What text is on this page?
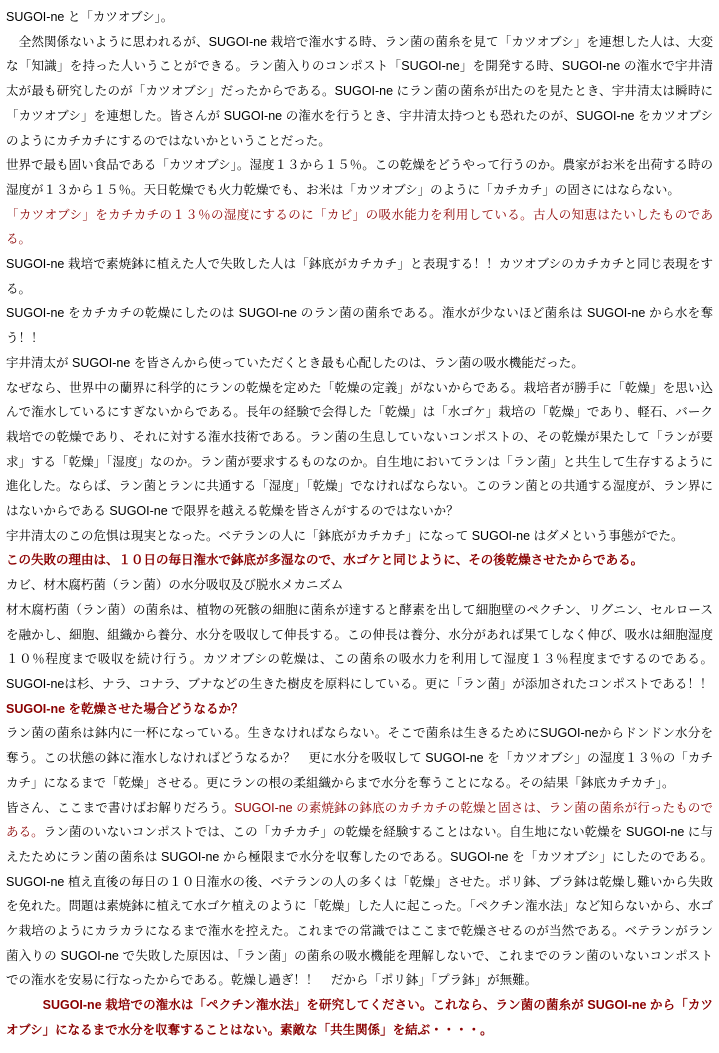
SUGOI-ne と「カツオブシ」。

　全然関係ないように思われるが、SUGOI-ne 栽培で潅水する時、ラン菌の菌糸を見て「カツオブシ」を連想した人は、大変な「知識」を持った人いうことができる。ラン菌入りのコンポスト「SUGOI-ne」を開発する時、SUGOI-ne の潅水で宇井清太が最も研究したのが「カツオブシ」だったからである。SUGOI-ne にラン菌の菌糸が出たのを見たとき、宇井清太は瞬時に「カツオブシ」を連想した。皆さんが SUGOI-ne の潅水を行うとき、宇井清太持つとも恐れたのが、SUGOI-ne をカツオブシのようにカチカチにするのではないかということだった。

世界で最も固い食品である「カツオブシ」。湿度１３から１５％。この乾燥をどうやって行うのか。農家がお米を出荷する時の湿度が１３から１５％。天日乾燥でも火力乾燥でも、お米は「カツオブシ」のように「カチカチ」の固さにはならない。

「カツオブシ」をカチカチの１３％の湿度にするのに「カビ」の吸水能力を利用している。古人の知恵はたいしたものである。

SUGOI-ne 栽培で素焼鉢に植えた人で失敗した人は「鉢底がカチカチ」と表現する！！カツオブシのカチカチと同じ表現をする。

SUGOI-ne をカチカチの乾燥にしたのは SUGOI-ne のラン菌の菌糸である。潅水が少ないほど菌糸は SUGOI-ne から水を奪う！！

宇井清太が SUGOI-ne を皆さんから使っていただくとき最も心配したのは、ラン菌の吸水機能だった。

なぜなら、世界中の蘭界に科学的にランの乾燥を定めた「乾燥の定義」がないからである。栽培者が勝手に「乾燥」を思い込んで潅水しているにすぎないからである。長年の経験で会得した「乾燥」は「水ゴケ」栽培の「乾燥」であり、軽石、バーク栽培での乾燥であり、それに対する潅水技術である。ラン菌の生息していないコンポストの、その乾燥が果たして「ランが要求」する「乾燥」「湿度」なのか。ラン菌が要求するものなのか。自生地においてランは「ラン菌」と共生して生存するように進化した。ならば、ラン菌とランに共通する「湿度」「乾燥」でなければならない。このラン菌との共通する湿度が、ラン界にはないからである SUGOI-ne で限界を越える乾燥を皆さんがするのではないか？

宇井清太のこの危惧は現実となった。ベテランの人に「鉢底がカチカチ」になって SUGOI-ne はダメという事態がでた。

この失敗の理由は、１０日の毎日潅水で鉢底が多湿なので、水ゴケと同じように、その後乾燥させたからである。

カビ、材木腐朽菌（ラン菌）の水分吸収及び脱水メカニズム

材木腐朽菌（ラン菌）の菌糸は、植物の死骸の細胞に菌糸が達すると酵素を出して細胞壁のペクチン、リグニン、セルロースを融かし、細胞、組織から養分、水分を吸収して伸長する。この伸長は養分、水分があれば果てしなく伸び、吸水は細胞湿度１０％程度まで吸収を続け行う。カツオブシの乾燥は、この菌糸の吸水力を利用して湿度１３％程度までするのである。SUGOI-neは杉、ナラ、コナラ、ブナなどの生きた樹皮を原料にしている。更に「ラン菌」が添加されたコンポストである！！

SUGOI-ne を乾燥させた場合どうなるか？

ラン菌の菌糸は鉢内に一杯になっている。生きなければならない。そこで菌糸は生きるためにSUGOI-neからドンドン水分を奪う。この状態の鉢に潅水しなければどうなるか？　更に水分を吸収して SUGOI-ne を「カツオブシ」の湿度１３％の「カチカチ」になるまで「乾燥」させる。更にランの根の柔組織からまで水分を奪うことになる。その結果「鉢底カチカチ」。

皆さん、ここまで書けばお解りだろう。SUGOI-ne の素焼鉢の鉢底のカチカチの乾燥と固さは、ラン菌の菌糸が行ったものである。ラン菌のいないコンポストでは、この「カチカチ」の乾燥を経験することはない。自生地にない乾燥を SUGOI-ne に与えたためにラン菌の菌糸は SUGOI-ne から極限まで水分を収奪したのである。SUGOI-ne を「カツオブシ」にしたのである。SUGOI-ne 植え直後の毎日の１０日潅水の後、ベテランの人の多くは「乾燥」させた。ポリ鉢、プラ鉢は乾燥し難いから失敗を免れた。問題は素焼鉢に植えて水ゴケ植えのように「乾燥」した人に起こった。「ペクチン潅水法」など知らないから、水ゴケ栽培のようにカラカラになるまで潅水を控えた。これまでの常識ではここまで乾燥させるのが当然である。ベテランがラン菌入りの SUGOI-ne で失敗した原因は、「ラン菌」の菌糸の吸水機能を理解しないで、これまでのラン菌のいないコンポストでの潅水を安易に行なったからである。乾燥し過ぎ！！　だから「ポリ鉢」「プラ鉢」が無難。

　SUGOI-ne 栽培での潅水は「ペクチン潅水法」を研究してください。これなら、ラン菌の菌糸が SUGOI-ne から「カツオブシ」になるまで水分を収奪することはない。素敵な「共生関係」を結ぶ・・・・。
